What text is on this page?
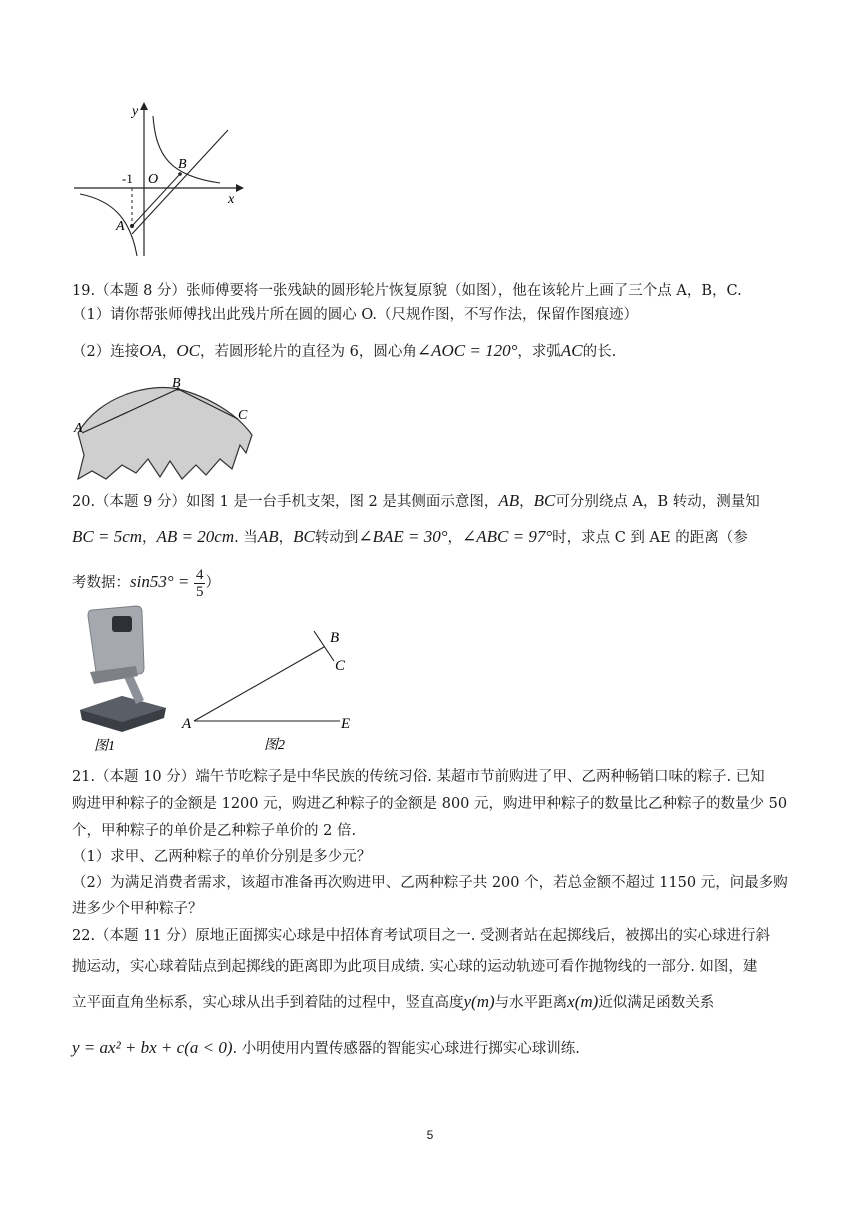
y
x
O
-1
A
B
19.（本题 8 分）张师傅要将一张残缺的圆形轮片恢复原貌（如图），他在该轮片上画了三个点 A，B，C.
（1）请你帮张师傅找出此残片所在圆的圆心 O.（尺规作图，不写作法，保留作图痕迹）
（2）连接OA，OC，若圆形轮片的直径为 6，圆心角∠AOC = 120°，求弧AC的长.
A
B
C
20.（本题 9 分）如图 1 是一台手机支架，图 2 是其侧面示意图，AB，BC可分别绕点 A，B 转动，测量知
BC = 5cm，AB = 20cm. 当AB，BC转动到∠BAE = 30°，∠ABC = 97°时，求点 C 到 AE 的距离（参
考数据：$\sin 53^\circ = \frac{4}{5}$ ）
图1
A
B
C
E
图2
21.（本题 10 分）端午节吃粽子是中华民族的传统习俗. 某超市节前购进了甲、乙两种畅销口味的粽子. 已知
购进甲种粽子的金额是 1200 元，购进乙种粽子的金额是 800 元，购进甲种粽子的数量比乙种粽子的数量少 50
个，甲种粽子的单价是乙种粽子单价的 2 倍.
（1）求甲、乙两种粽子的单价分别是多少元？
（2）为满足消费者需求，该超市准备再次购进甲、乙两种粽子共 200 个，若总金额不超过 1150 元，问最多购
进多少个甲种粽子？
22.（本题 11 分）原地正面掷实心球是中招体育考试项目之一. 受测者站在起掷线后，被掷出的实心球进行斜
抛运动，实心球着陆点到起掷线的距离即为此项目成绩. 实心球的运动轨迹可看作抛物线的一部分. 如图，建
立平面直角坐标系，实心球从出手到着陆的过程中，竖直高度y(m)与水平距离x(m)近似满足函数关系
y = ax² + bx + c(a < 0). 小明使用内置传感器的智能实心球进行掷实心球训练.
5
